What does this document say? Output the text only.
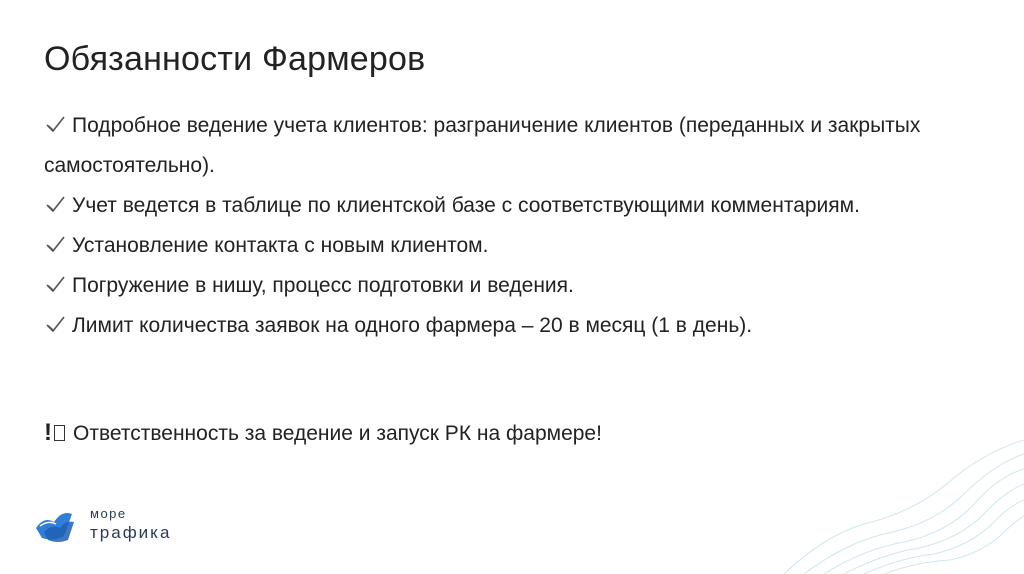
Обязанности Фармеров
Подробное ведение учета клиентов: разграничение клиентов (переданных и закрытых самостоятельно).
Учет ведется в таблице по клиентской базе с соответствующими комментариям.
Установление контакта с новым клиентом.
Погружение в нишу, процесс подготовки и ведения.
Лимит количества заявок на одного фармера – 20 в месяц (1 в день).
! Ответственность за ведение и запуск РК на фармере!
море
трафика
